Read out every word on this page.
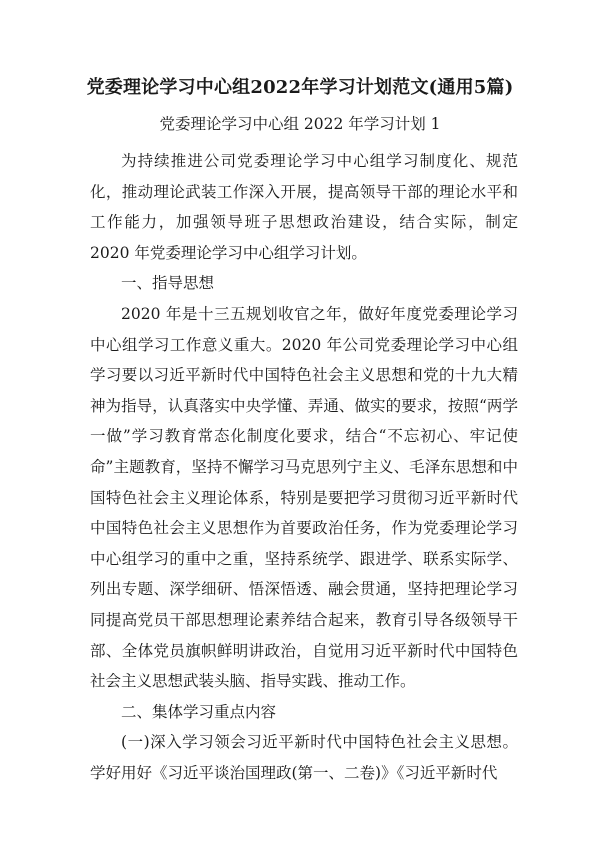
党委理论学习中心组2022年学习计划范文(通用5篇)
党委理论学习中心组 2022 年学习计划 1

为持续推进公司党委理论学习中心组学习制度化、规范化，推动理论武装工作深入开展，提高领导干部的理论水平和工作能力，加强领导班子思想政治建设，结合实际，制定 2020 年党委理论学习中心组学习计划。

一、指导思想

2020 年是十三五规划收官之年，做好年度党委理论学习中心组学习工作意义重大。2020 年公司党委理论学习中心组学习要以习近平新时代中国特色社会主义思想和党的十九大精神为指导，认真落实中央学懂、弄通、做实的要求，按照“两学一做”学习教育常态化制度化要求，结合“不忘初心、牢记使命”主题教育，坚持不懈学习马克思列宁主义、毛泽东思想和中国特色社会主义理论体系，特别是要把学习贯彻习近平新时代中国特色社会主义思想作为首要政治任务，作为党委理论学习中心组学习的重中之重，坚持系统学、跟进学、联系实际学、列出专题、深学细研、悟深悟透、融会贯通，坚持把理论学习同提高党员干部思想理论素养结合起来，教育引导各级领导干部、全体党员旗帜鲜明讲政治，自觉用习近平新时代中国特色社会主义思想武装头脑、指导实践、推动工作。

二、集体学习重点内容

(一)深入学习领会习近平新时代中国特色社会主义思想。学好用好《习近平谈治国理政(第一、二卷)》《习近平新时代
